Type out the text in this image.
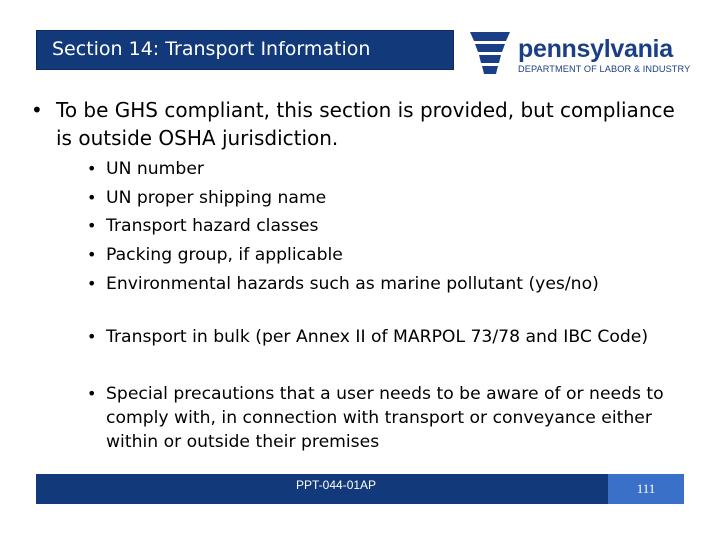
Section 14: Transport Information	pennsylvania
DEPARTMENT OF LABOR & INDUSTRY
• To be GHS compliant, this section is provided, but compliance is outside OSHA jurisdiction.
• UN number
• UN proper shipping name
• Transport hazard classes
• Packing group, if applicable
• Environmental hazards such as marine pollutant (yes/no)
• Transport in bulk (per Annex II of MARPOL 73/78 and IBC Code)
• Special precautions that a user needs to be aware of or needs to comply with, in connection with transport or conveyance either within or outside their premises
PPT-044-01AP	111
